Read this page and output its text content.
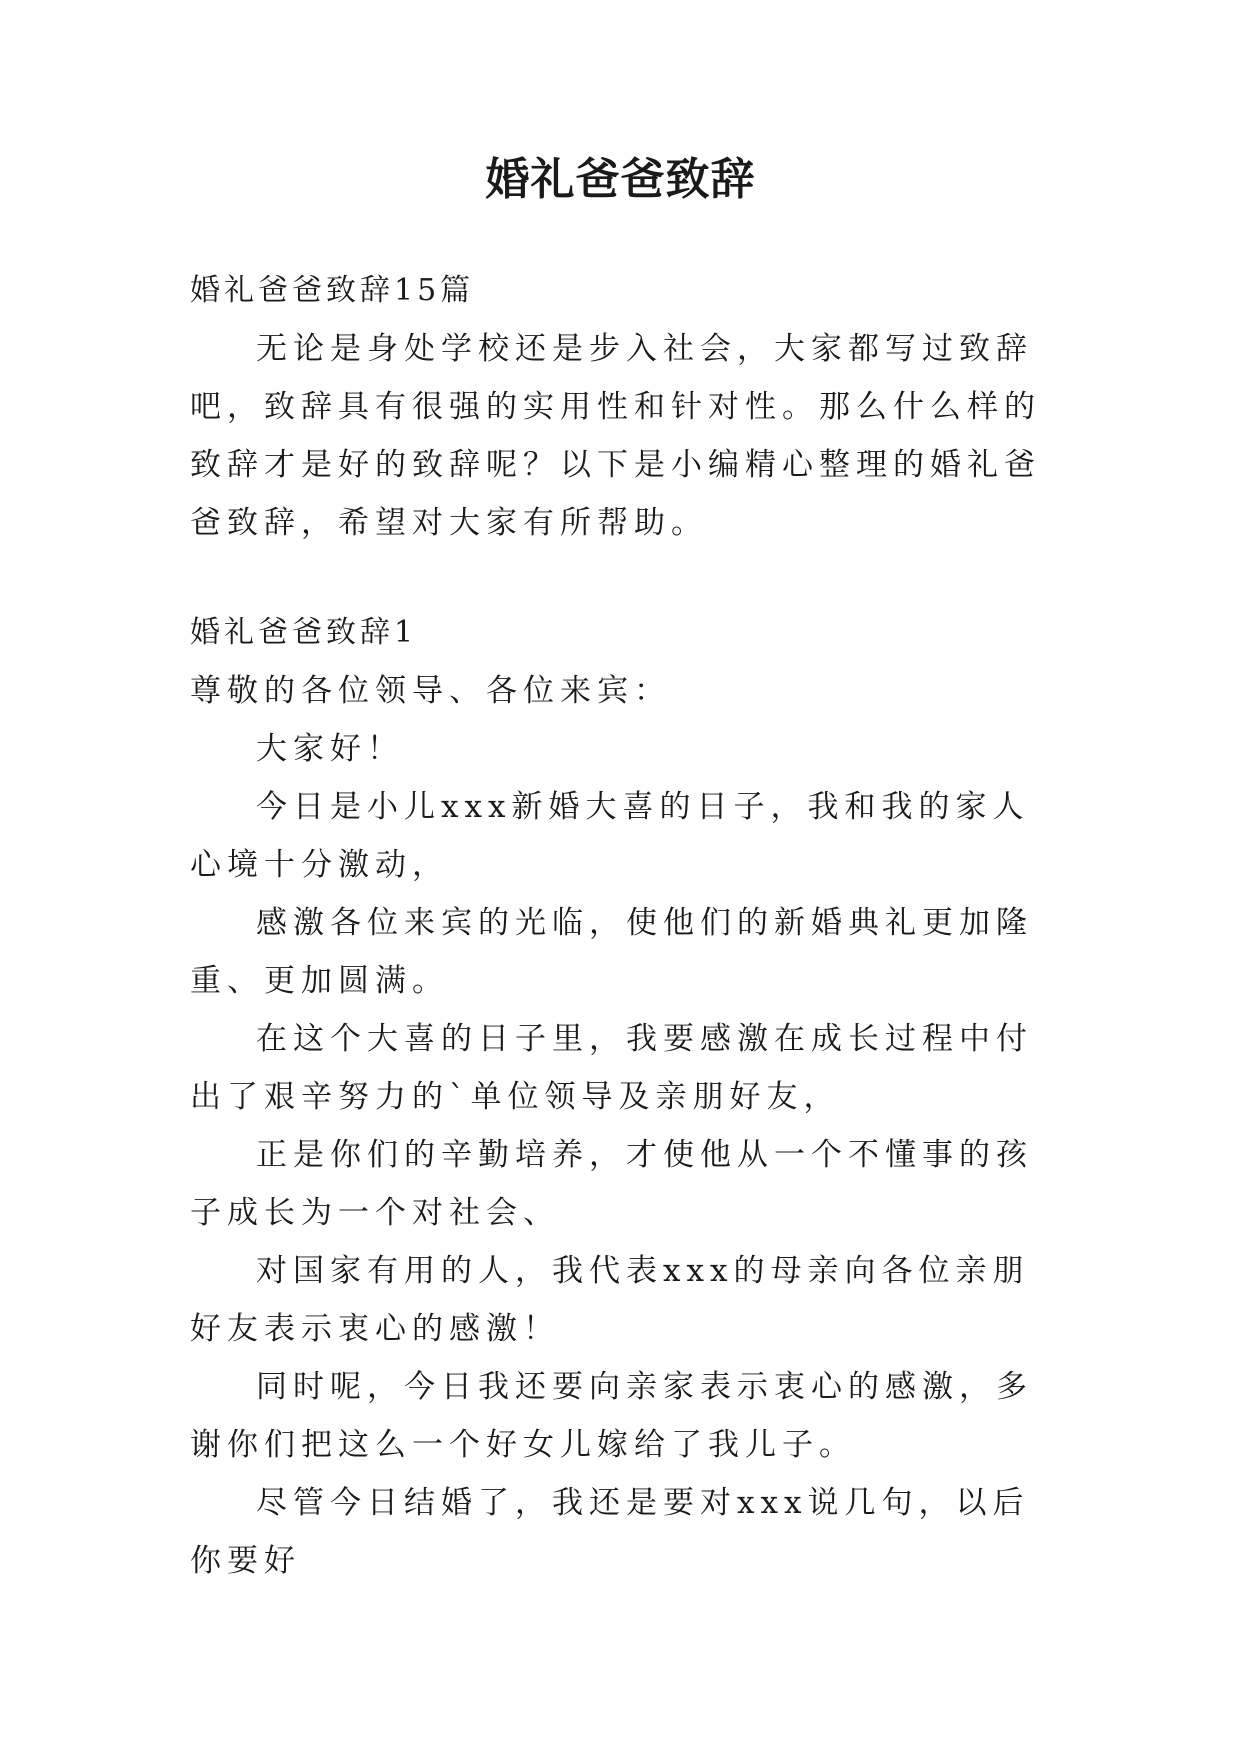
婚礼爸爸致辞

婚礼爸爸致辞15篇

无论是身处学校还是步入社会，大家都写过致辞吧，致辞具有很强的实用性和针对性。那么什么样的致辞才是好的致辞呢？以下是小编精心整理的婚礼爸爸致辞，希望对大家有所帮助。

婚礼爸爸致辞1

尊敬的各位领导、各位来宾：

大家好！

今日是小儿xxx新婚大喜的日子，我和我的家人心境十分激动，

感激各位来宾的光临，使他们的新婚典礼更加隆重、更加圆满。

在这个大喜的日子里，我要感激在成长过程中付出了艰辛努力的`单位领导及亲朋好友，

正是你们的辛勤培养，才使他从一个不懂事的孩子成长为一个对社会、

对国家有用的人，我代表xxx的母亲向各位亲朋好友表示衷心的感激！

同时呢，今日我还要向亲家表示衷心的感激，多谢你们把这么一个好女儿嫁给了我儿子。

尽管今日结婚了，我还是要对xxx说几句，以后你要好
